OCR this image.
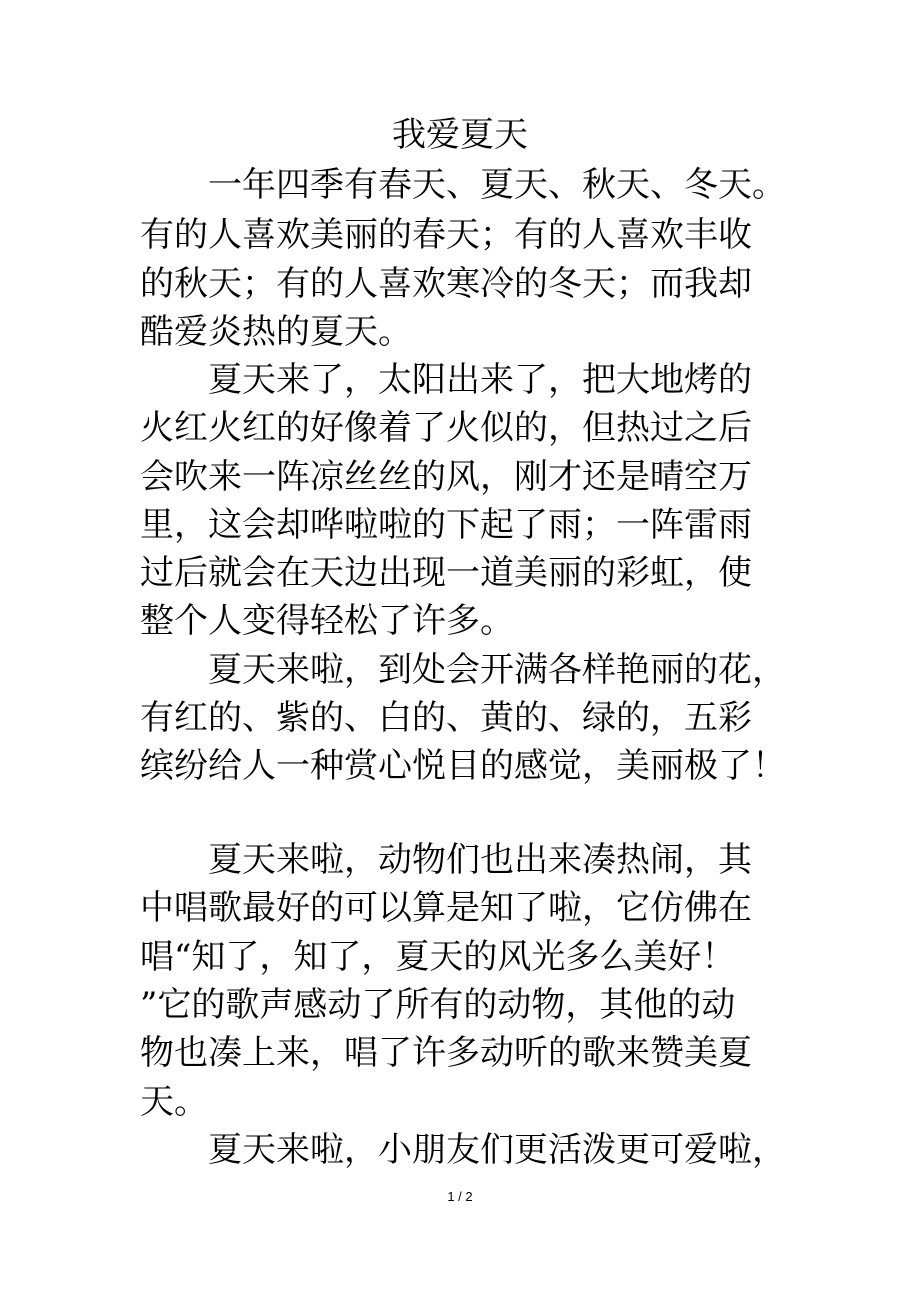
我爱夏天
一年四季有春天、夏天、秋天、冬天。
有的人喜欢美丽的春天；有的人喜欢丰收
的秋天；有的人喜欢寒冷的冬天；而我却
酷爱炎热的夏天。
夏天来了，太阳出来了，把大地烤的
火红火红的好像着了火似的，但热过之后
会吹来一阵凉丝丝的风，刚才还是晴空万
里，这会却哗啦啦的下起了雨；一阵雷雨
过后就会在天边出现一道美丽的彩虹，使
整个人变得轻松了许多。
夏天来啦，到处会开满各样艳丽的花，
有红的、紫的、白的、黄的、绿的，五彩
缤纷给人一种赏心悦目的感觉，美丽极了！
夏天来啦，动物们也出来凑热闹，其
中唱歌最好的可以算是知了啦，它仿佛在
唱“知了，知了，夏天的风光多么美好！
”它的歌声感动了所有的动物，其他的动
物也凑上来，唱了许多动听的歌来赞美夏
天。
夏天来啦，小朋友们更活泼更可爱啦，
1 / 2
